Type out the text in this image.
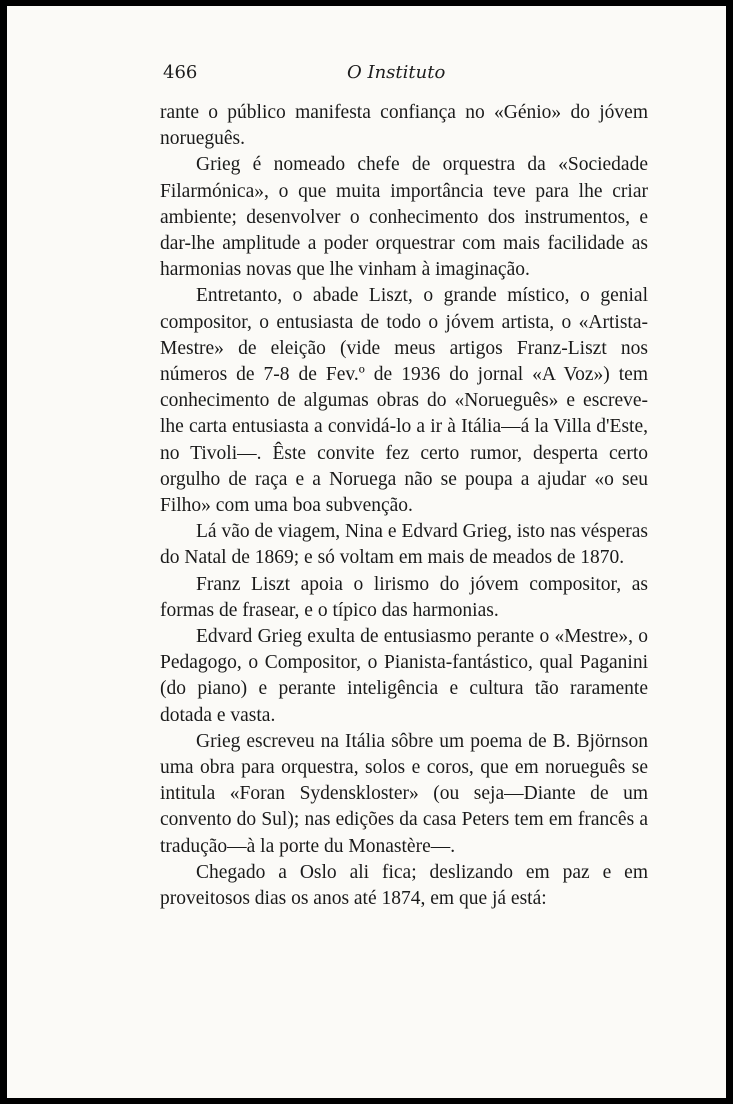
466	O Instituto

rante o público manifesta confiança no «Génio» do jóvem norueguês.

Grieg é nomeado chefe de orquestra da «Sociedade Filarmónica», o que muita importância teve para lhe criar ambiente; desenvolver o conhecimento dos instrumentos, e dar-lhe amplitude a poder orquestrar com mais facilidade as harmonias novas que lhe vinham à imaginação.

Entretanto, o abade Liszt, o grande místico, o genial compositor, o entusiasta de todo o jóvem artista, o «Artista-Mestre» de eleição (vide meus artigos Franz-Liszt nos números de 7-8 de Fev.º de 1936 do jornal «A Voz») tem conhecimento de algumas obras do «Norueguês» e escreve-lhe carta entusiasta a convidá-lo a ir à Itália—á la Villa d'Este, no Tivoli—. Êste convite fez certo rumor, desperta certo orgulho de raça e a Noruega não se poupa a ajudar «o seu Filho» com uma boa subvenção.

Lá vão de viagem, Nina e Edvard Grieg, isto nas vésperas do Natal de 1869; e só voltam em mais de meados de 1870.

Franz Liszt apoia o lirismo do jóvem compositor, as formas de frasear, e o típico das harmonias.

Edvard Grieg exulta de entusiasmo perante o «Mestre», o Pedagogo, o Compositor, o Pianista-fantástico, qual Paganini (do piano) e perante inteligência e cultura tão raramente dotada e vasta.

Grieg escreveu na Itália sôbre um poema de B. Björnson uma obra para orquestra, solos e coros, que em norueguês se intitula «Foran Sydenskloster» (ou seja—Diante de um convento do Sul); nas edições da casa Peters tem em francês a tradução—à la porte du Monastère—.

Chegado a Oslo ali fica; deslizando em paz e em proveitosos dias os anos até 1874, em que já está:
